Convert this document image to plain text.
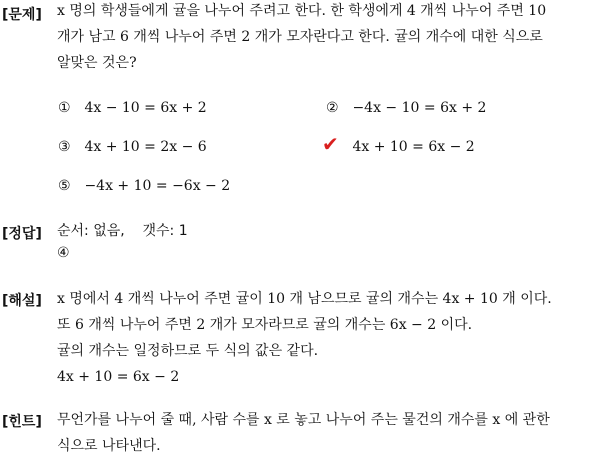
[문제] x 명의 학생들에게 귤을 나누어 주려고 한다. 한 학생에게 4 개씩 나누어 주면 10
개가 남고 6 개씩 나누어 주면 2 개가 모자란다고 한다. 귤의 개수에 대한 식으로
알맞은 것은?
① 4x − 10 = 6x + 2	② −4x − 10 = 6x + 2
③ 4x + 10 = 2x − 6
	✔ 4x + 10 = 6x − 2
⑤ −4x + 10 = −6x − 2
[정답] 순서: 없음,    갯수: 1
④
[해설] x 명에서 4 개씩 나누어 주면 귤이 10 개 남으므로 귤의 개수는 4x + 10 개 이다.
또 6 개씩 나누어 주면 2 개가 모자라므로 귤의 개수는 6x − 2 이다.
귤의 개수는 일정하므로 두 식의 값은 같다.
4x + 10 = 6x − 2
[힌트] 무언가를 나누어 줄 때, 사람 수를 x 로 놓고 나누어 주는 물건의 개수를 x 에 관한
식으로 나타낸다.
